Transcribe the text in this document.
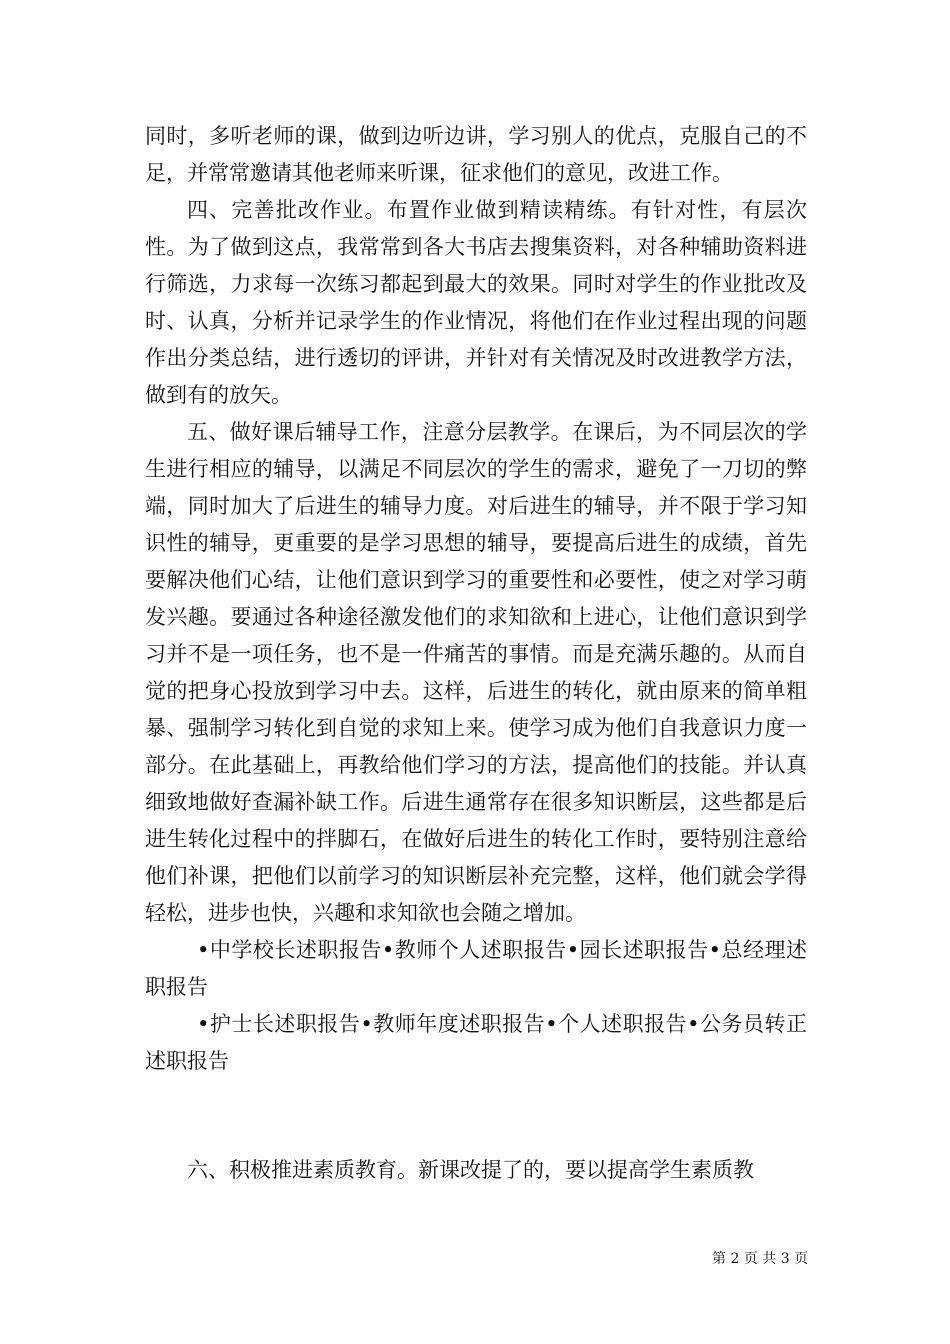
同时，多听老师的课，做到边听边讲，学习别人的优点，克服自己的不足，并常常邀请其他老师来听课，征求他们的意见，改进工作。

四、完善批改作业。布置作业做到精读精练。有针对性，有层次性。为了做到这点，我常常到各大书店去搜集资料，对各种辅助资料进行筛选，力求每一次练习都起到最大的效果。同时对学生的作业批改及时、认真，分析并记录学生的作业情况，将他们在作业过程出现的问题作出分类总结，进行透切的评讲，并针对有关情况及时改进教学方法，做到有的放矢。

五、做好课后辅导工作，注意分层教学。在课后，为不同层次的学生进行相应的辅导，以满足不同层次的学生的需求，避免了一刀切的弊端，同时加大了后进生的辅导力度。对后进生的辅导，并不限于学习知识性的辅导，更重要的是学习思想的辅导，要提高后进生的成绩，首先要解决他们心结，让他们意识到学习的重要性和必要性，使之对学习萌发兴趣。要通过各种途径激发他们的求知欲和上进心，让他们意识到学习并不是一项任务，也不是一件痛苦的事情。而是充满乐趣的。从而自觉的把身心投放到学习中去。这样，后进生的转化，就由原来的简单粗暴、强制学习转化到自觉的求知上来。使学习成为他们自我意识力度一部分。在此基础上，再教给他们学习的方法，提高他们的技能。并认真细致地做好查漏补缺工作。后进生通常存在很多知识断层，这些都是后进生转化过程中的拌脚石，在做好后进生的转化工作时，要特别注意给他们补课，把他们以前学习的知识断层补充完整，这样，他们就会学得轻松，进步也快，兴趣和求知欲也会随之增加。

•中学校长述职报告•教师个人述职报告•园长述职报告•总经理述职报告

•护士长述职报告•教师年度述职报告•个人述职报告•公务员转正述职报告

六、积极推进素质教育。新课改提了的，要以提高学生素质教

第 2 页 共 3 页
